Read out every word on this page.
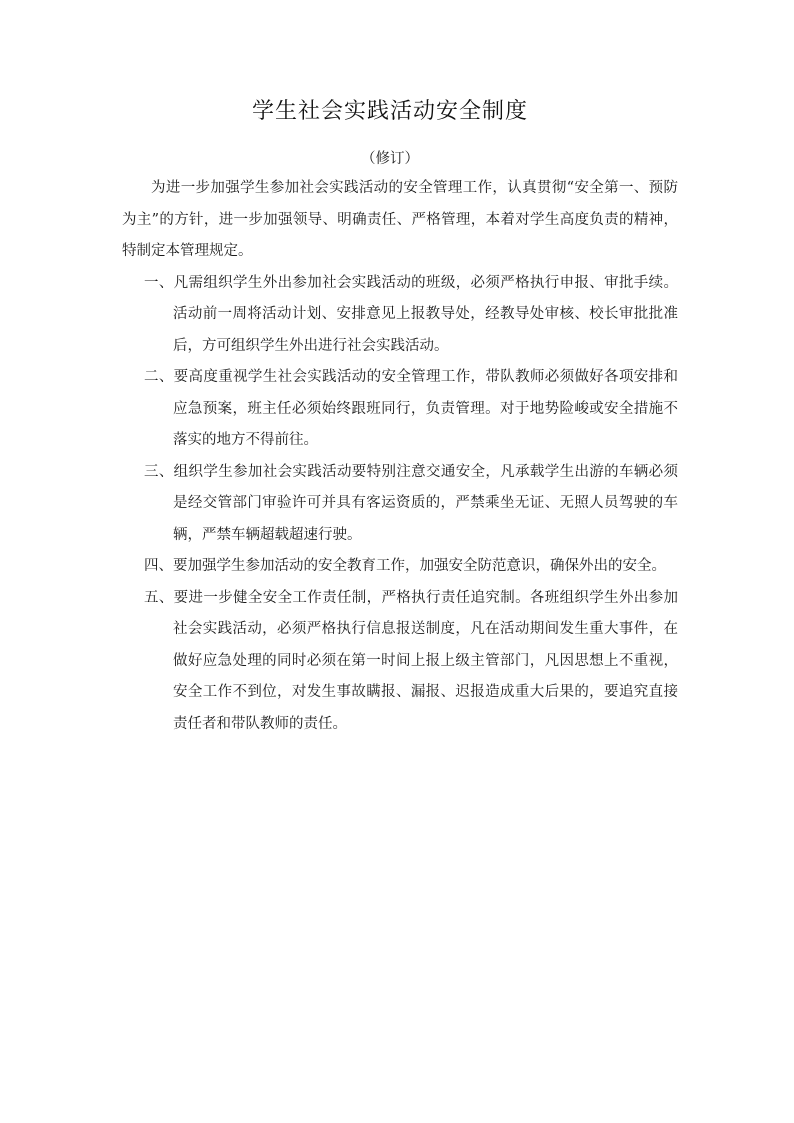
学生社会实践活动安全制度
（修订）

为进一步加强学生参加社会实践活动的安全管理工作，认真贯彻“安全第一、预防为主”的方针，进一步加强领导、明确责任、严格管理，本着对学生高度负责的精神，特制定本管理规定。

一、凡需组织学生外出参加社会实践活动的班级，必须严格执行申报、审批手续。活动前一周将活动计划、安排意见上报教导处，经教导处审核、校长审批批准后，方可组织学生外出进行社会实践活动。

二、要高度重视学生社会实践活动的安全管理工作，带队教师必须做好各项安排和应急预案，班主任必须始终跟班同行，负责管理。对于地势险峻或安全措施不落实的地方不得前往。

三、组织学生参加社会实践活动要特别注意交通安全，凡承载学生出游的车辆必须是经交管部门审验许可并具有客运资质的，严禁乘坐无证、无照人员驾驶的车辆，严禁车辆超载超速行驶。

四、要加强学生参加活动的安全教育工作，加强安全防范意识，确保外出的安全。

五、要进一步健全安全工作责任制，严格执行责任追究制。各班组织学生外出参加社会实践活动，必须严格执行信息报送制度，凡在活动期间发生重大事件，在做好应急处理的同时必须在第一时间上报上级主管部门，凡因思想上不重视，安全工作不到位，对发生事故瞒报、漏报、迟报造成重大后果的，要追究直接责任者和带队教师的责任。
